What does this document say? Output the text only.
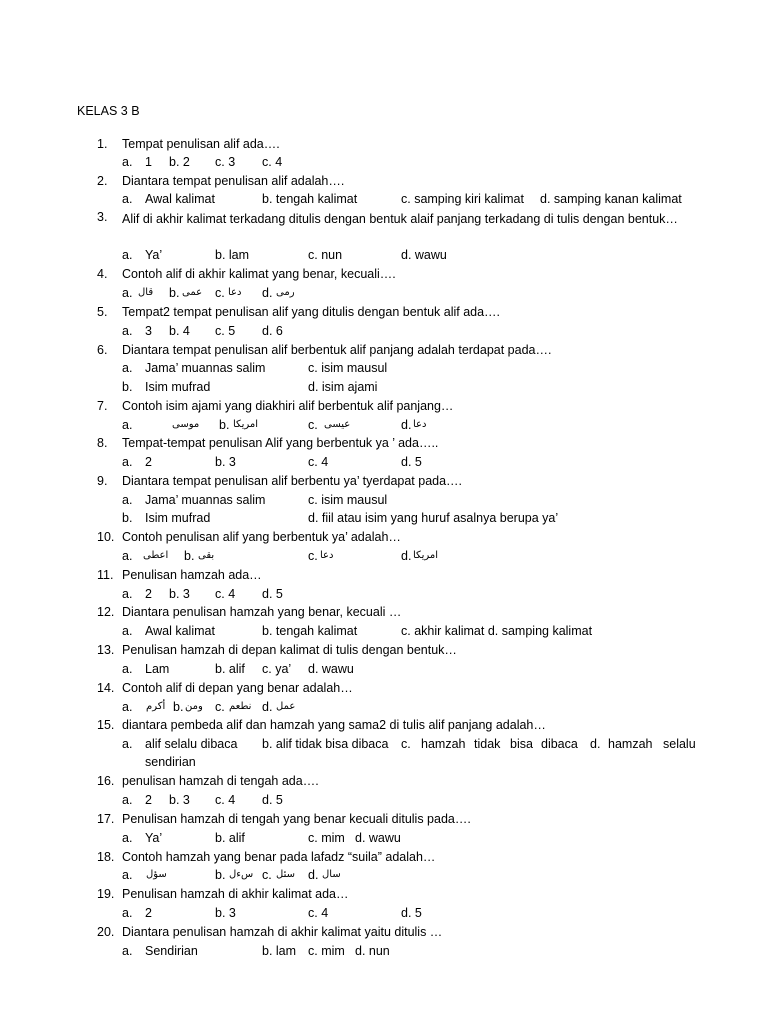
KELAS 3 B
1.	Tempat penulisan alif ada….
a. 1 b. 2 c. 3 c. 4
2.	Diantara tempat penulisan alif adalah….
a. Awal kalimat	b. tengah kalimat	c. samping kiri kalimat d. samping kanan kalimat
3.	Alif di akhir kalimat terkadang ditulis dengan bentuk alaif panjang terkadang di tulis dengan bentuk…
a. Ya’	b. lam	c. nun	d. wawu
4.	Contoh alif di akhir kalimat yang benar, kecuali….
a. قال b. عمى c. دعا d. رمى
5.	Tempat2 tempat penulisan alif yang ditulis dengan bentuk alif ada….
a. 3 b. 4 c. 5 d. 6
6.	Diantara tempat penulisan alif berbentuk alif panjang adalah terdapat pada….
a. Jama’ muannas salim	c. isim mausul
b. Isim mufrad	d. isim ajami
7.	Contoh isim ajami yang diakhiri alif berbentuk alif panjang…
a.	موسى b. امريكا	c. عيسى	d. دعا
8.	Tempat-tempat penulisan Alif yang berbentuk ya ’ ada…..
a. 2	b. 3	c. 4	d. 5
9.	Diantara tempat penulisan alif berbentu ya’ tyerdapat pada….
a. Jama’ muannas salim	c. isim mausul
b. Isim mufrad	d. fiil atau isim yang huruf asalnya berupa ya’
10. Contoh penulisan alif yang berbentuk ya’ adalah…
a. اعطى b. بقى	c. دعا	d. امريكا
11. Penulisan hamzah ada…
a. 2 b. 3 c. 4 d. 5
12. Diantara penulisan hamzah yang benar, kecuali …
a. Awal kalimat	b. tengah kalimat	c. akhir kalimat d. samping kalimat
13. Penulisan hamzah di depan kalimat di tulis dengan bentuk…
a. Lam	b. alif c. ya’ d. wawu
14. Contoh alif di depan yang benar adalah…
a. أكرم b. ومن c. نطعم d. عمل
15. diantara pembeda alif dan hamzah yang sama2 di tulis alif panjang adalah…
a. alif selalu dibaca b. alif tidak bisa dibaca c. hamzah tidak bisa dibaca d. hamzah selalu
sendirian
16. penulisan hamzah di tengah ada….
a. 2 b. 3 c. 4 d. 5
17. Penulisan hamzah di tengah yang benar kecuali ditulis pada….
a. Ya’	b. alif	c. mim d. wawu
18. Contoh hamzah yang benar pada lafadz “suila” adalah…
a. سؤل	b. سءل c. سئل d. سال
19. Penulisan hamzah di akhir kalimat ada…
a. 2	b. 3	c. 4	d. 5
20. Diantara penulisan hamzah di akhir kalimat yaitu ditulis …
a. Sendirian	b. lam c. mim d. nun
